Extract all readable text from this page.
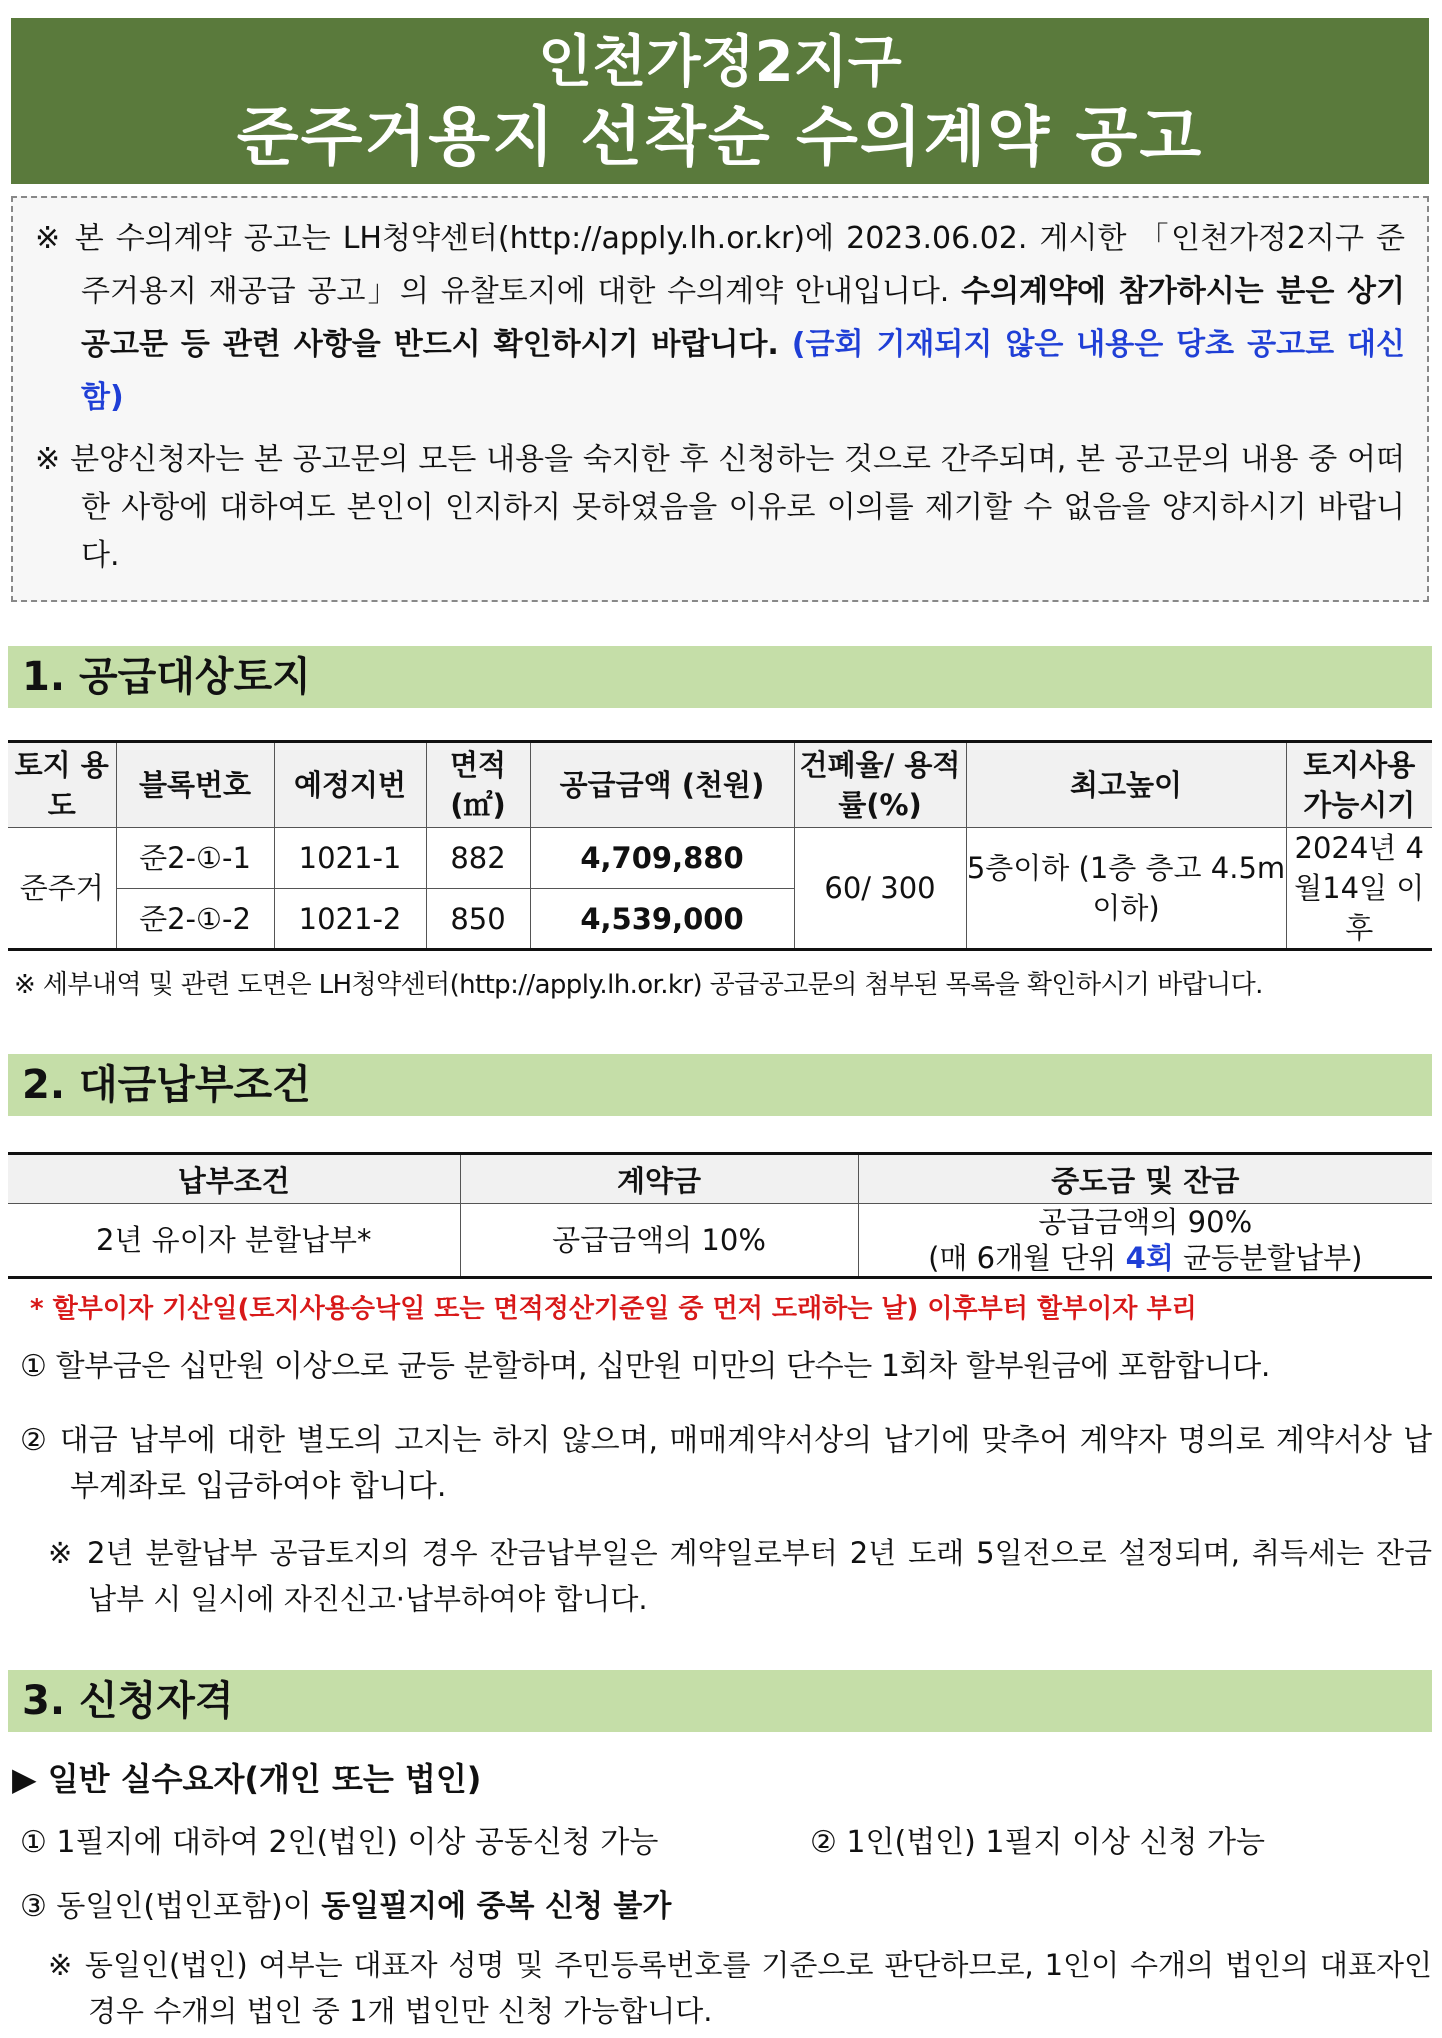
인천가정2지구
준주거용지 선착순 수의계약 공고

※ 본 수의계약 공고는 LH청약센터(http://apply.lh.or.kr)에 2023.06.02. 게시한 「인천가정2지구 준주거용지 재공급 공고」의 유찰토지에 대한 수의계약 안내입니다. 수의계약에 참가하시는 분은 상기 공고문 등 관련 사항을 반드시 확인하시기 바랍니다. (금회 기재되지 않은 내용은 당초 공고로 대신함)

※ 분양신청자는 본 공고문의 모든 내용을 숙지한 후 신청하는 것으로 간주되며, 본 공고문의 내용 중 어떠한 사항에 대하여도 본인이 인지하지 못하였음을 이유로 이의를 제기할 수 없음을 양지하시기 바랍니다.

1. 공급대상토지
토지 용도	블록번호	예정지번	면적 (㎡)	공급금액 (천원)	건폐율/ 용적률(%)	최고높이	토지사용 가능시기
준주거	준2-①-1	1021-1	882	4,709,880	60/ 300	5층이하 (1층 층고 4.5m이하)	2024년 4월14일 이후
	준2-①-2	1021-2	850	4,539,000			
※ 세부내역 및 관련 도면은 LH청약센터(http://apply.lh.or.kr) 공급공고문의 첨부된 목록을 확인하시기 바랍니다.
2. 대금납부조건
납부조건	계약금	중도금 및 잔금
2년 유이자 분할납부*	공급금액의 10%	공급금액의 90%
(매 6개월 단위 4회 균등분할납부)
* 할부이자 기산일(토지사용승낙일 또는 면적정산기준일 중 먼저 도래하는 날) 이후부터 할부이자 부리
① 할부금은 십만원 이상으로 균등 분할하며, 십만원 미만의 단수는 1회차 할부원금에 포함합니다.
② 대금 납부에 대한 별도의 고지는 하지 않으며, 매매계약서상의 납기에 맞추어 계약자 명의로 계약서상 납부계좌로 입금하여야 합니다.
※ 2년 분할납부 공급토지의 경우 잔금납부일은 계약일로부터 2년 도래 5일전으로 설정되며, 취득세는 잔금 납부 시 일시에 자진신고·납부하여야 합니다.
3. 신청자격
▶ 일반 실수요자(개인 또는 법인)
① 1필지에 대하여 2인(법인) 이상 공동신청 가능	② 1인(법인) 1필지 이상 신청 가능
③ 동일인(법인포함)이 동일필지에 중복 신청 불가
※ 동일인(법인) 여부는 대표자 성명 및 주민등록번호를 기준으로 판단하므로, 1인이 수개의 법인의 대표자인 경우 수개의 법인 중 1개 법인만 신청 가능합니다.
